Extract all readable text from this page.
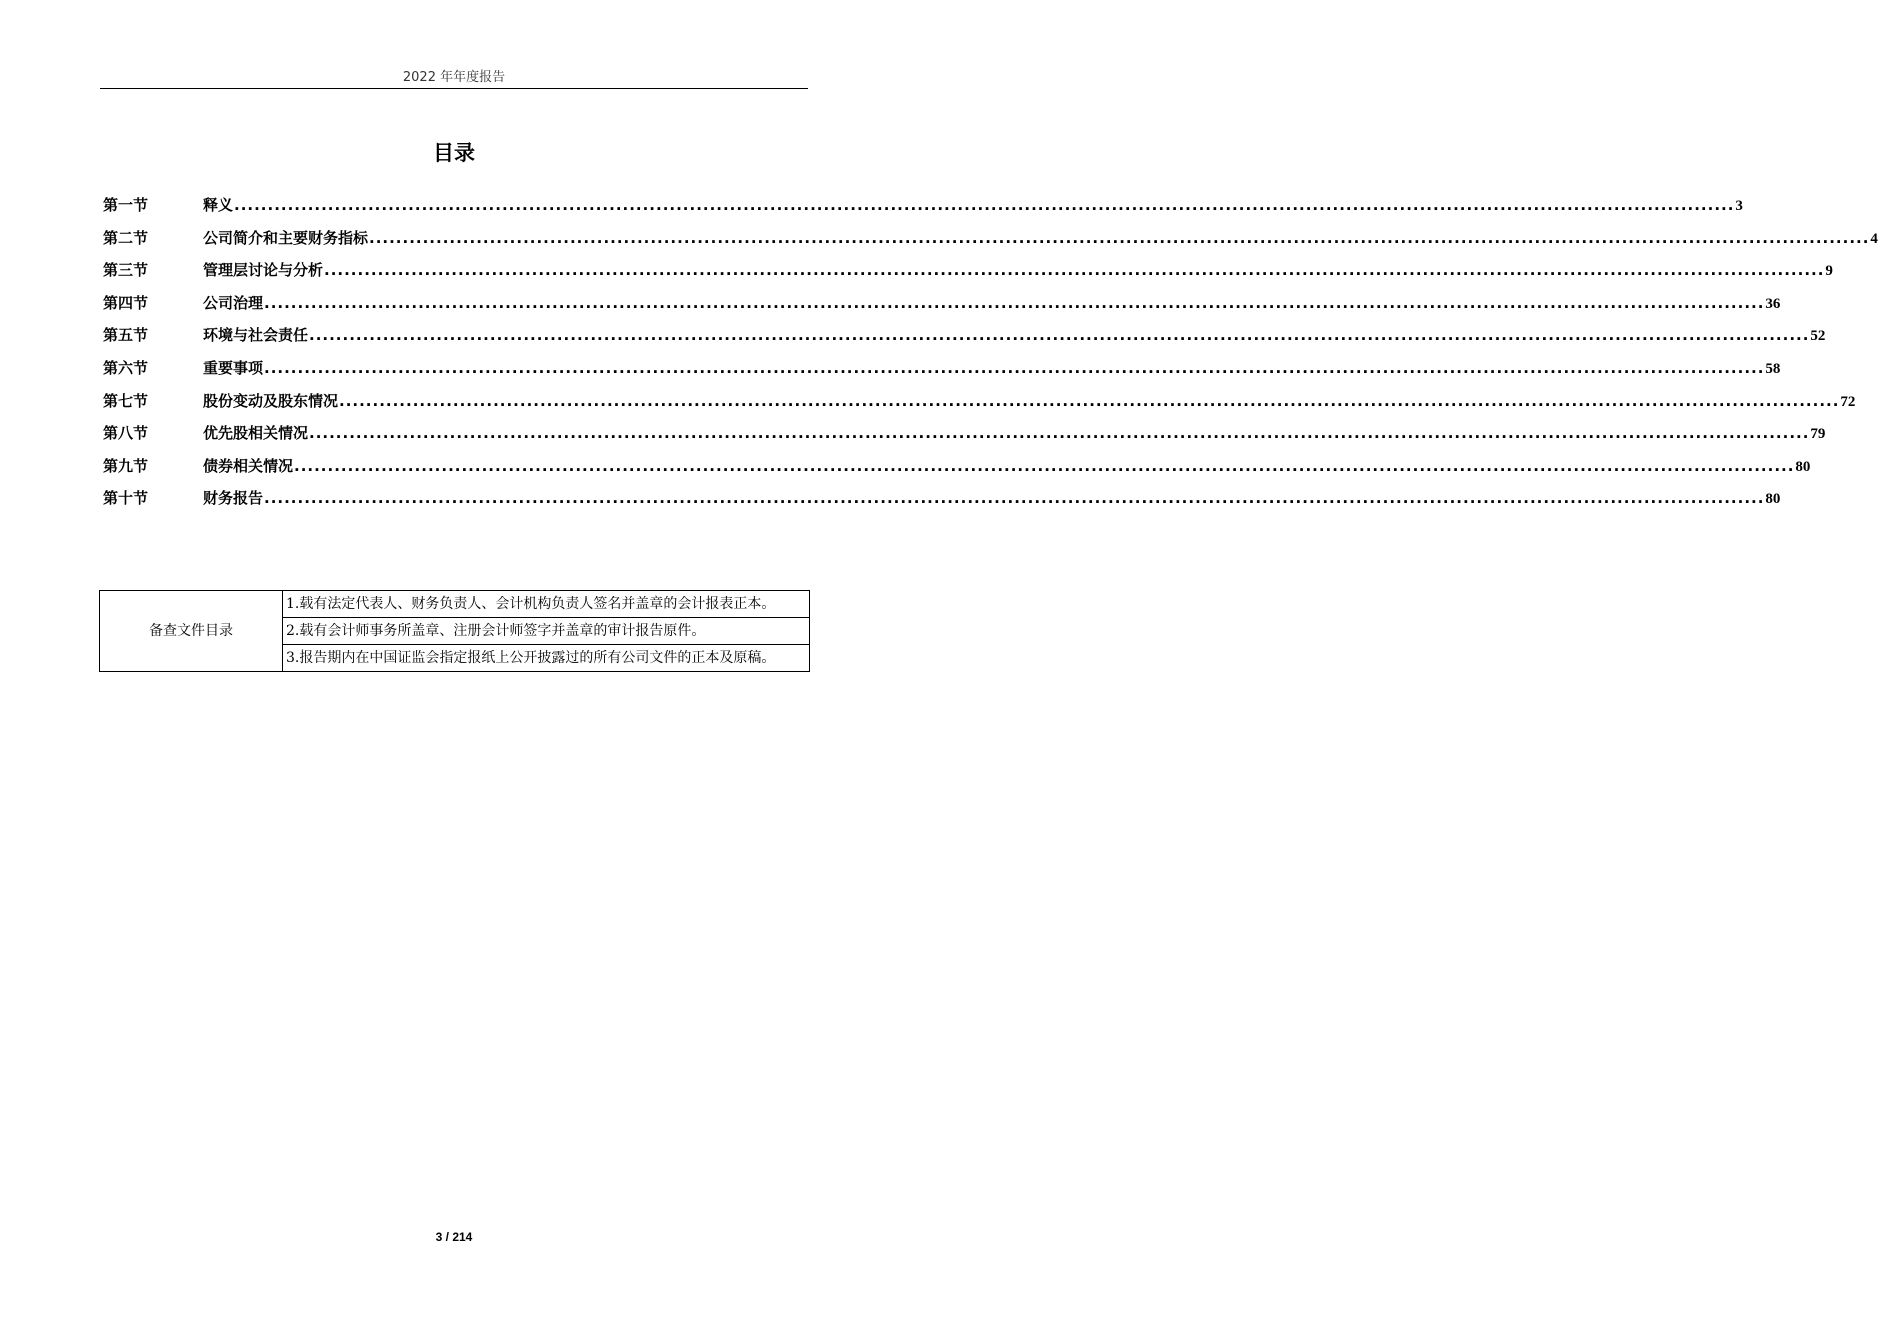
2022 年年度报告
目录
第一节	释义 ................................................................................................................................................................................................................................ 3
第二节	公司简介和主要财务指标 ................................................................................................................................................................................................................................ 4
第三节	管理层讨论与分析 ................................................................................................................................................................................................................................ 9
第四节	公司治理 ................................................................................................................................................................................................................................ 36
第五节	环境与社会责任 ................................................................................................................................................................................................................................ 52
第六节	重要事项 ................................................................................................................................................................................................................................ 58
第七节	股份变动及股东情况 ................................................................................................................................................................................................................................ 72
第八节	优先股相关情况 ................................................................................................................................................................................................................................ 79
第九节	债券相关情况 ................................................................................................................................................................................................................................ 80
第十节	财务报告 ................................................................................................................................................................................................................................ 80
备查文件目录	1.载有法定代表人、财务负责人、会计机构负责人签名并盖章的会计报表正本。
2.载有会计师事务所盖章、注册会计师签字并盖章的审计报告原件。
3.报告期内在中国证监会指定报纸上公开披露过的所有公司文件的正本及原稿。
3 / 214
